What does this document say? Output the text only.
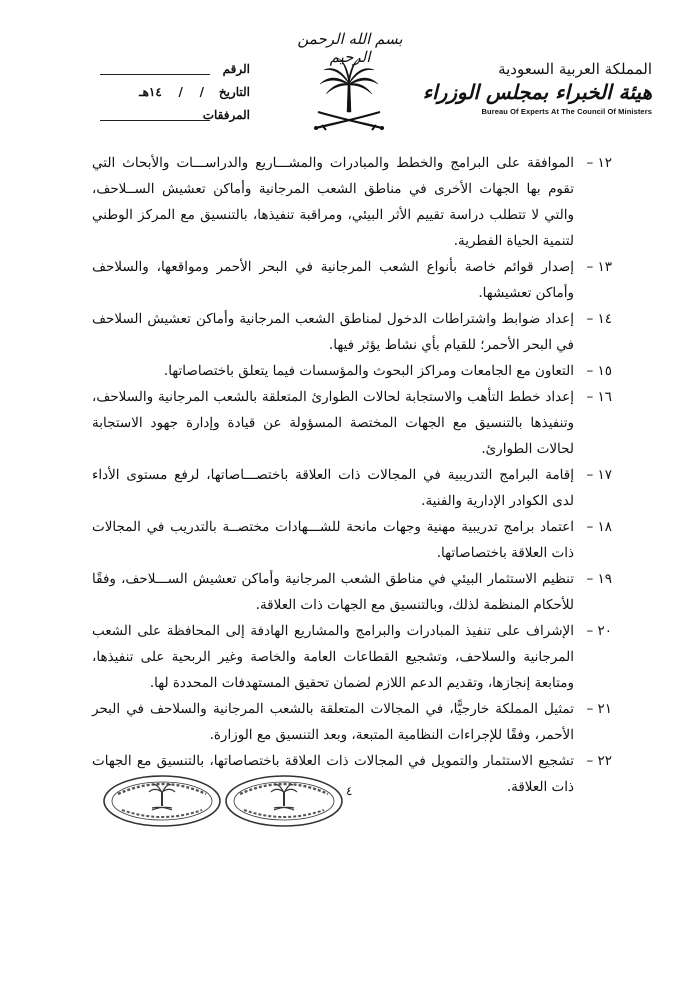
بسم الله الرحمن الرحيم
الرقم
التاريخ
/    /    ١٤هـ
المرفقات
المملكة العربية السعودية
هيئة الخبراء بمجلس الوزراء
Bureau Of Experts At The Council Of Ministers
١٢ –
الموافقة على البرامج والخطط والمبادرات والمشـــاريع والدراســـات والأبحاث التي تقوم بها الجهات الأخرى في مناطق الشعب المرجانية وأماكن تعشيش الســلاحف، والتي لا تتطلب دراسة تقييم الأثر البيئي، ومراقبة تنفيذها، بالتنسيق مع المركز الوطني لتنمية الحياة الفطرية.
١٣ –
إصدار قوائم خاصة بأنواع الشعب المرجانية في البحر الأحمر ومواقعها، والسلاحف وأماكن تعشيشها.
١٤ –
إعداد ضوابط واشتراطات الدخول لمناطق الشعب المرجانية وأماكن تعشيش السلاحف في البحر الأحمر؛ للقيام بأي نشاط يؤثر فيها.
١٥ –
التعاون مع الجامعات ومراكز البحوث والمؤسسات فيما يتعلق باختصاصاتها.
١٦ –
إعداد خطط التأهب والاستجابة لحالات الطوارئ المتعلقة بالشعب المرجانية والسلاحف، وتنفيذها بالتنسيق مع الجهات المختصة المسؤولة عن قيادة وإدارة جهود الاستجابة لحالات الطوارئ.
١٧ –
إقامة البرامج التدريبية في المجالات ذات العلاقة باختصـــاصاتها، لرفع مستوى الأداء لدى الكوادر الإدارية والفنية.
١٨ –
اعتماد برامج تدريبية مهنية وجهات مانحة للشـــهادات مختصــة بالتدريب في المجالات ذات العلاقة باختصاصاتها.
١٩ –
تنظيم الاستثمار البيئي في مناطق الشعب المرجانية وأماكن تعشيش الســـلاحف، وفقًا للأحكام المنظمة لذلك، وبالتنسيق مع الجهات ذات العلاقة.
٢٠ –
الإشراف على تنفيذ المبادرات والبرامج والمشاريع الهادفة إلى المحافظة على الشعب المرجانية والسلاحف، وتشجيع القطاعات العامة والخاصة وغير الربحية على تنفيذها، ومتابعة إنجازها، وتقديم الدعم اللازم لضمان تحقيق المستهدفات المحددة لها.
٢١ –
تمثيل المملكة خارجيًّا، في المجالات المتعلقة بالشعب المرجانية والسلاحف في البحر الأحمر، وفقًا للإجراءات النظامية المتبعة، وبعد التنسيق مع الوزارة.
٢٢ –
تشجيع الاستثمار والتمويل في المجالات ذات العلاقة باختصاصاتها، بالتنسيق مع الجهات ذات العلاقة.
٤
